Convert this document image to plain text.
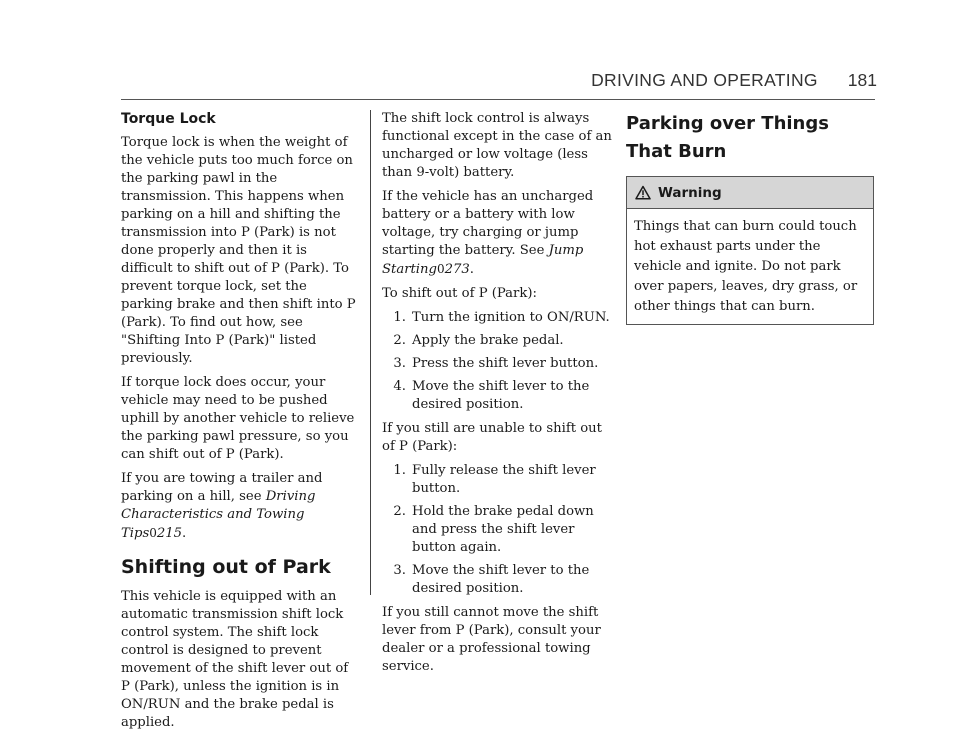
DRIVING AND OPERATING 181
Torque Lock

Torque lock is when the weight of the vehicle puts too much force on the parking pawl in the transmission. This happens when parking on a hill and shifting the transmission into P (Park) is not done properly and then it is difficult to shift out of P (Park). To prevent torque lock, set the parking brake and then shift into P (Park). To find out how, see "Shifting Into P (Park)" listed previously.

If torque lock does occur, your vehicle may need to be pushed uphill by another vehicle to relieve the parking pawl pressure, so you can shift out of P (Park).

If you are towing a trailer and parking on a hill, see Driving Characteristics and Towing Tips0215.

Shifting out of Park

This vehicle is equipped with an automatic transmission shift lock control system. The shift lock control is designed to prevent movement of the shift lever out of P (Park), unless the ignition is in ON/RUN and the brake pedal is applied.

The shift lock control is always functional except in the case of an uncharged or low voltage (less than 9-volt) battery.

If the vehicle has an uncharged battery or a battery with low voltage, try charging or jump starting the battery. See Jump Starting0273.

To shift out of P (Park):

1. Turn the ignition to ON/RUN.
2. Apply the brake pedal.
3. Press the shift lever button.
4. Move the shift lever to the desired position.

If you still are unable to shift out of P (Park):

1. Fully release the shift lever button.
2. Hold the brake pedal down and press the shift lever button again.
3. Move the shift lever to the desired position.

If you still cannot move the shift lever from P (Park), consult your dealer or a professional towing service.

Parking over Things
That Burn
Warning

Things that can burn could touch hot exhaust parts under the vehicle and ignite. Do not park over papers, leaves, dry grass, or other things that can burn.
